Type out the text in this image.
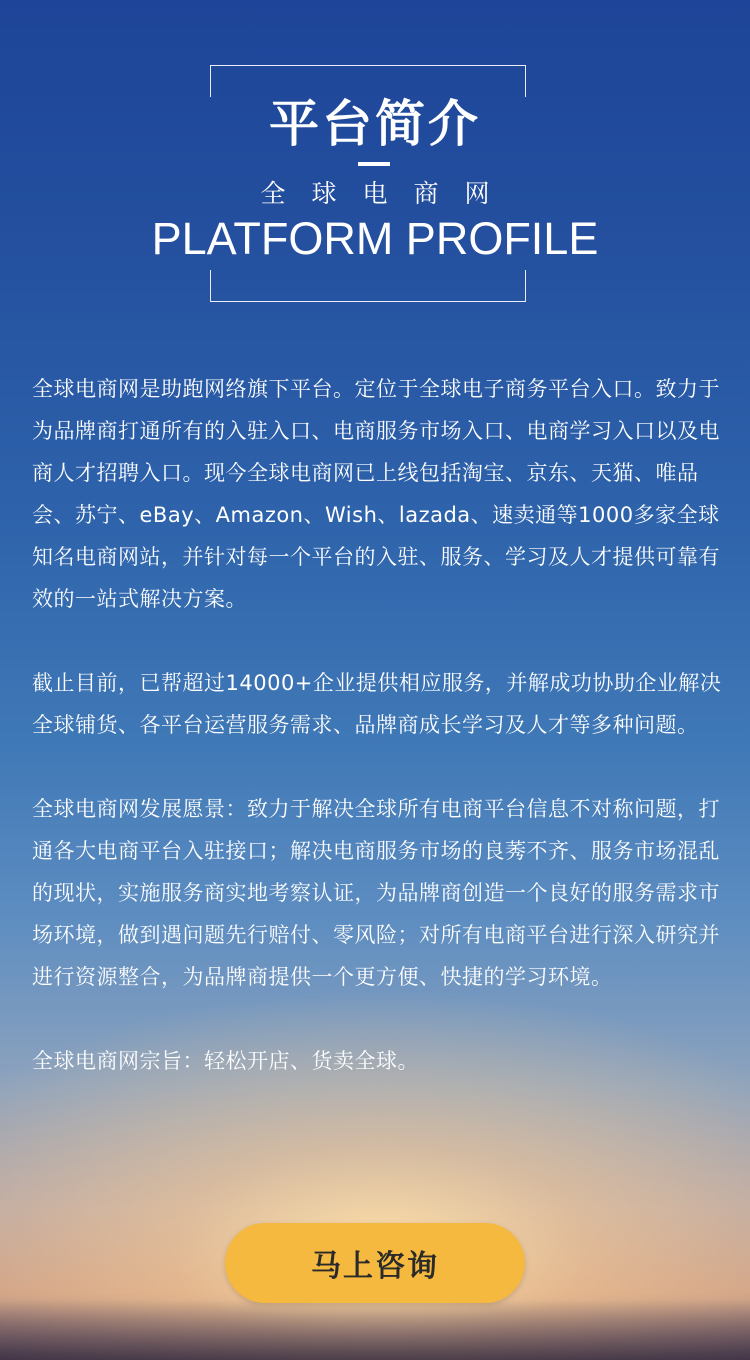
平台简介
全球电商网
PLATFORM PROFILE

全球电商网是助跑网络旗下平台。定位于全球电子商务平台入口。致力于为品牌商打通所有的入驻入口、电商服务市场入口、电商学习入口以及电商人才招聘入口。现今全球电商网已上线包括淘宝、京东、天猫、唯品会、苏宁、eBay、Amazon、Wish、lazada、速卖通等1000多家全球知名电商网站，并针对每一个平台的入驻、服务、学习及人才提供可靠有效的一站式解决方案。

截止目前，已帮超过14000+企业提供相应服务，并解成功协助企业解决全球铺货、各平台运营服务需求、品牌商成长学习及人才等多种问题。

全球电商网发展愿景：致力于解决全球所有电商平台信息不对称问题，打通各大电商平台入驻接口；解决电商服务市场的良莠不齐、服务市场混乱的现状，实施服务商实地考察认证，为品牌商创造一个良好的服务需求市场环境，做到遇问题先行赔付、零风险；对所有电商平台进行深入研究并进行资源整合，为品牌商提供一个更方便、快捷的学习环境。

全球电商网宗旨：轻松开店、货卖全球。

马上咨询
